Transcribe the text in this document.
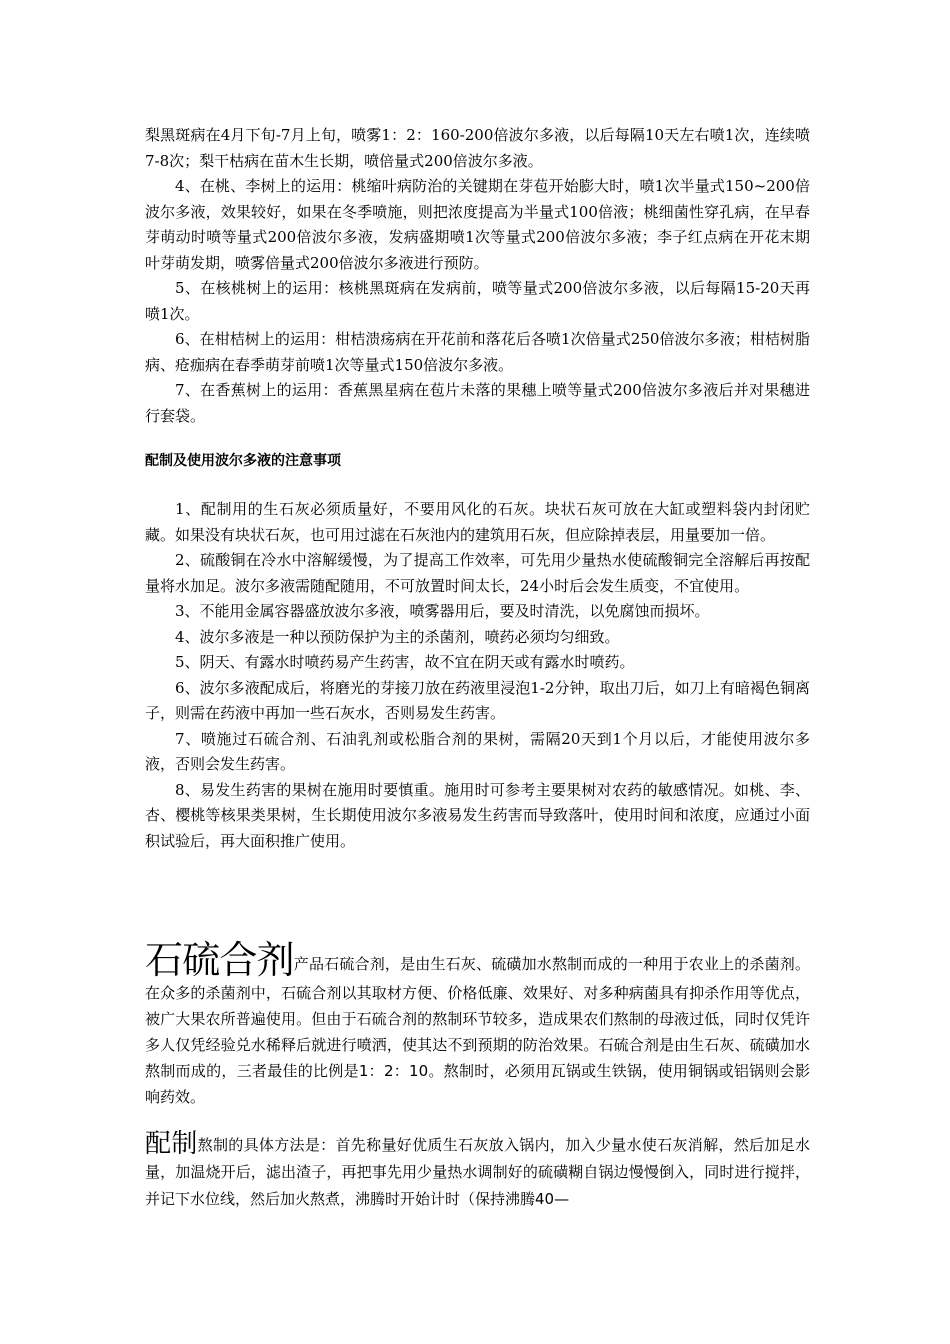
梨黑斑病在4月下旬-7月上旬，喷雾1：2：160-200倍波尔多液，以后每隔10天左右喷1次，连续喷7-8次；梨干枯病在苗木生长期，喷倍量式200倍波尔多液。

4、在桃、李树上的运用：桃缩叶病防治的关键期在芽苞开始膨大时，喷1次半量式150~200倍波尔多液，效果较好，如果在冬季喷施，则把浓度提高为半量式100倍液；桃细菌性穿孔病，在早春芽萌动时喷等量式200倍波尔多液，发病盛期喷1次等量式200倍波尔多液；李子红点病在开花末期叶芽萌发期，喷雾倍量式200倍波尔多液进行预防。

5、在核桃树上的运用：核桃黑斑病在发病前，喷等量式200倍波尔多液，以后每隔15-20天再喷1次。

6、在柑桔树上的运用：柑桔溃疡病在开花前和落花后各喷1次倍量式250倍波尔多液；柑桔树脂病、疮痂病在春季萌芽前喷1次等量式150倍波尔多液。

7、在香蕉树上的运用：香蕉黑星病在苞片未落的果穗上喷等量式200倍波尔多液后并对果穗进行套袋。

配制及使用波尔多液的注意事项

1、配制用的生石灰必须质量好，不要用风化的石灰。块状石灰可放在大缸或塑料袋内封闭贮藏。如果没有块状石灰，也可用过滤在石灰池内的建筑用石灰，但应除掉表层，用量要加一倍。

2、硫酸铜在冷水中溶解缓慢，为了提高工作效率，可先用少量热水使硫酸铜完全溶解后再按配量将水加足。波尔多液需随配随用，不可放置时间太长，24小时后会发生质变，不宜使用。

3、不能用金属容器盛放波尔多液，喷雾器用后，要及时清洗，以免腐蚀而损坏。

4、波尔多液是一种以预防保护为主的杀菌剂，喷药必须均匀细致。

5、阴天、有露水时喷药易产生药害，故不宜在阴天或有露水时喷药。

6、波尔多液配成后，将磨光的芽接刀放在药液里浸泡1-2分钟，取出刀后，如刀上有暗褐色铜离子，则需在药液中再加一些石灰水，否则易发生药害。

7、喷施过石硫合剂、石油乳剂或松脂合剂的果树，需隔20天到1个月以后，才能使用波尔多液，否则会发生药害。

8、易发生药害的果树在施用时要慎重。施用时可参考主要果树对农药的敏感情况。如桃、李、杏、樱桃等核果类果树，生长期使用波尔多液易发生药害而导致落叶，使用时间和浓度，应通过小面积试验后，再大面积推广使用。

石硫合剂产品石硫合剂，是由生石灰、硫磺加水熬制而成的一种用于农业上的杀菌剂。在众多的杀菌剂中，石硫合剂以其取材方便、价格低廉、效果好、对多种病菌具有抑杀作用等优点，被广大果农所普遍使用。但由于石硫合剂的熬制环节较多，造成果农们熬制的母液过低，同时仅凭许多人仅凭经验兑水稀释后就进行喷洒，使其达不到预期的防治效果。石硫合剂是由生石灰、硫磺加水熬制而成的，三者最佳的比例是1：2：10。熬制时，必须用瓦锅或生铁锅，使用铜锅或铝锅则会影响药效。

配制熬制的具体方法是：首先称量好优质生石灰放入锅内，加入少量水使石灰消解，然后加足水量，加温烧开后，滤出渣子，再把事先用少量热水调制好的硫磺糊自锅边慢慢倒入，同时进行搅拌，并记下水位线，然后加火熬煮，沸腾时开始计时（保持沸腾40—
